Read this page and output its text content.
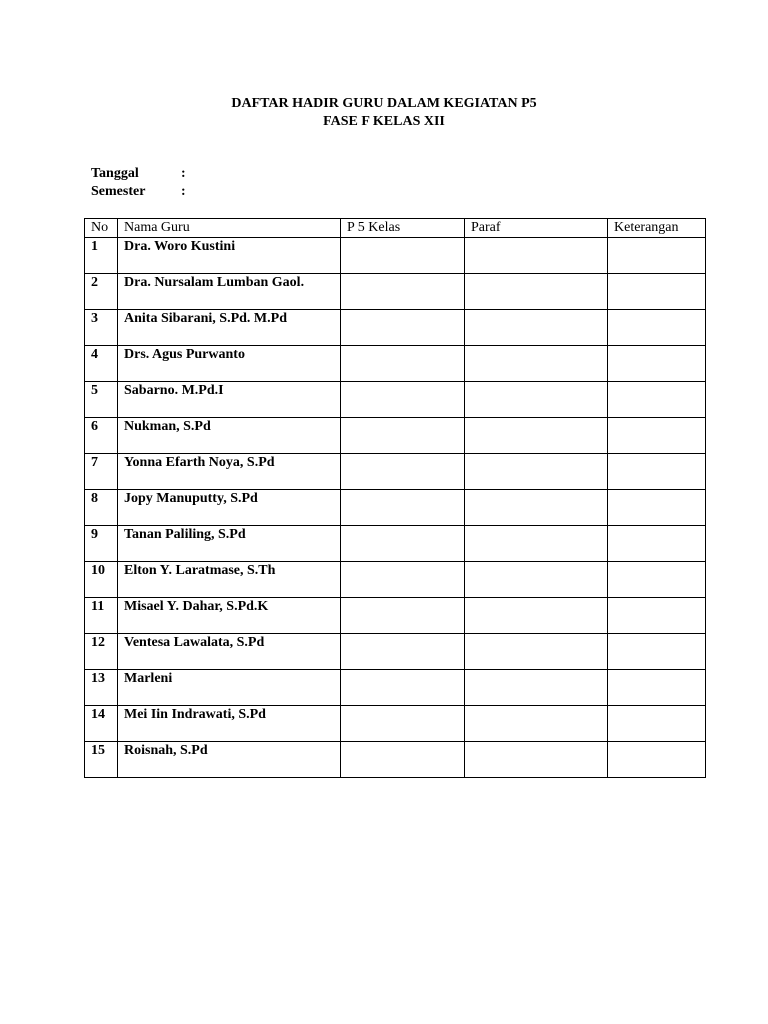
DAFTAR HADIR GURU DALAM KEGIATAN P5
FASE F KELAS XII
Tanggal	:
Semester	:
No	Nama Guru	P 5 Kelas	Paraf	Keterangan
1	Dra. Woro Kustini			
2	Dra. Nursalam Lumban Gaol.			
3	Anita Sibarani, S.Pd. M.Pd			
4	Drs. Agus Purwanto			
5	Sabarno. M.Pd.I			
6	Nukman, S.Pd			
7	Yonna Efarth Noya, S.Pd			
8	Jopy Manuputty, S.Pd			
9	Tanan Paliling, S.Pd			
10	Elton Y. Laratmase, S.Th			
11	Misael Y. Dahar, S.Pd.K			
12	Ventesa Lawalata, S.Pd			
13	Marleni			
14	Mei Iin Indrawati, S.Pd			
15	Roisnah, S.Pd			
